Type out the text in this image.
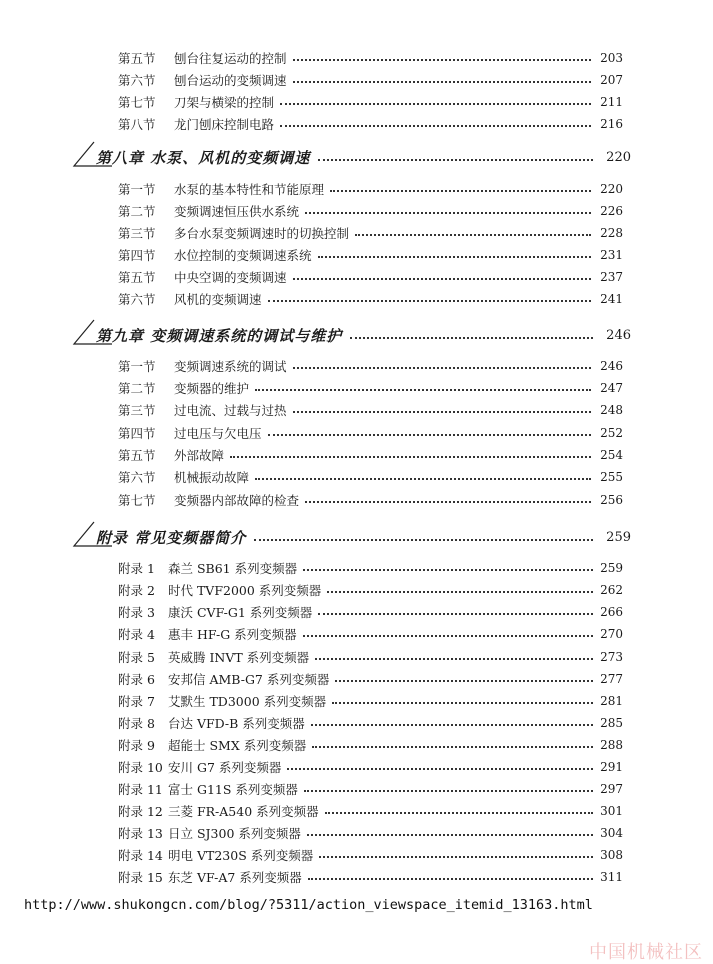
第五节	刨台往复运动的控制	203
第六节	刨台运动的变频调速	207
第七节	刀架与横梁的控制	211
第八节	龙门刨床控制电路	216
第八章 水泵、风机的变频调速	220
第一节	水泵的基本特性和节能原理	220
第二节	变频调速恒压供水系统	226
第三节	多台水泵变频调速时的切换控制	228
第四节	水位控制的变频调速系统	231
第五节	中央空调的变频调速	237
第六节	风机的变频调速	241
第九章 变频调速系统的调试与维护	246
第一节	变频调速系统的调试	246
第二节	变频器的维护	247
第三节	过电流、过载与过热	248
第四节	过电压与欠电压	252
第五节	外部故障	254
第六节	机械振动故障	255
第七节	变频器内部故障的检查	256
附录 常见变频器简介	259
附录 1	森兰 SB61 系列变频器	259
附录 2	时代 TVF2000 系列变频器	262
附录 3	康沃 CVF-G1 系列变频器	266
附录 4	惠丰 HF-G 系列变频器	270
附录 5	英威腾 INVT 系列变频器	273
附录 6	安邦信 AMB-G7 系列变频器	277
附录 7	艾默生 TD3000 系列变频器	281
附录 8	台达 VFD-B 系列变频器	285
附录 9	超能士 SMX 系列变频器	288
附录 10 安川 G7 系列变频器	291
附录 11 富士 G11S 系列变频器	297
附录 12 三菱 FR-A540 系列变频器	301
附录 13 日立 SJ300 系列变频器	304
附录 14 明电 VT230S 系列变频器	308
附录 15 东芝 VF-A7 系列变频器	311
http://www.shukongcn.com/blog/?5311/action_viewspace_itemid_13163.html
中国机械社区
